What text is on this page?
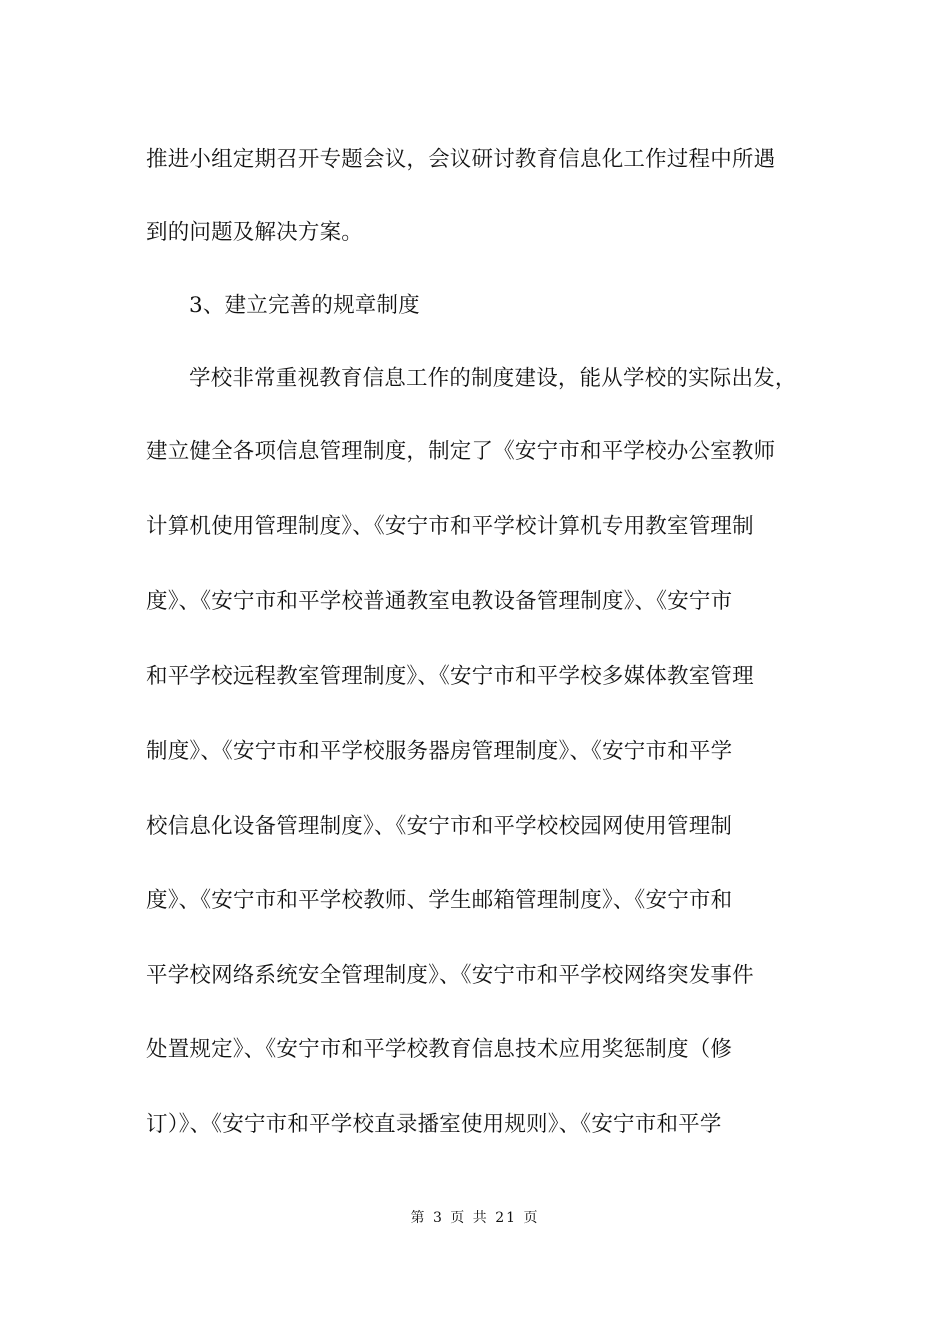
推进小组定期召开专题会议，会议研讨教育信息化工作过程中所遇
到的问题及解决方案。
3、建立完善的规章制度
学校非常重视教育信息工作的制度建设，能从学校的实际出发，
建立健全各项信息管理制度，制定了《安宁市和平学校办公室教师
计算机使用管理制度》、《安宁市和平学校计算机专用教室管理制
度》、《安宁市和平学校普通教室电教设备管理制度》、《安宁市
和平学校远程教室管理制度》、《安宁市和平学校多媒体教室管理
制度》、《安宁市和平学校服务器房管理制度》、《安宁市和平学
校信息化设备管理制度》、《安宁市和平学校校园网使用管理制
度》、《安宁市和平学校教师、学生邮箱管理制度》、《安宁市和
平学校网络系统安全管理制度》、《安宁市和平学校网络突发事件
处置规定》、《安宁市和平学校教育信息技术应用奖惩制度（修
订）》、《安宁市和平学校直录播室使用规则》、《安宁市和平学
第 3 页 共 21 页
